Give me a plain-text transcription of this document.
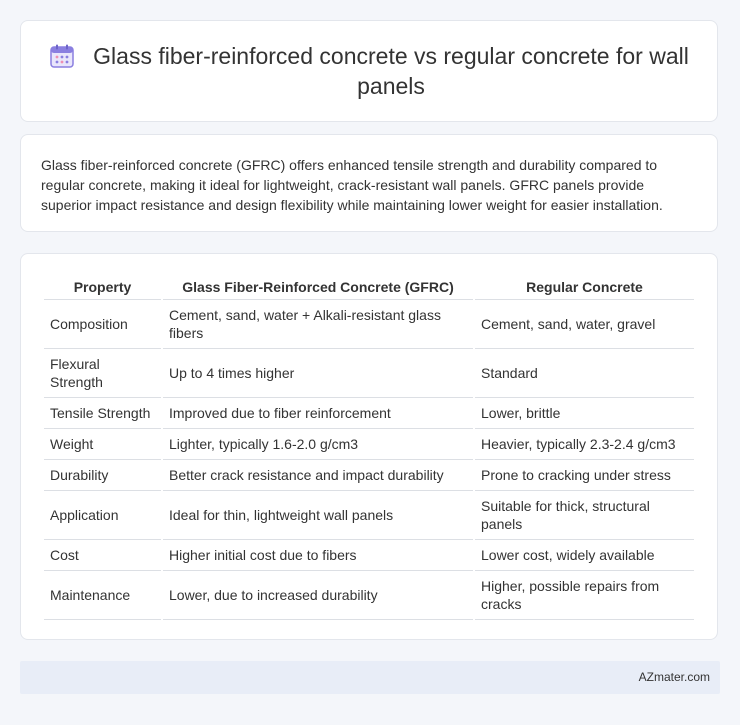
Glass fiber-reinforced concrete vs regular concrete for wall panels

Glass fiber-reinforced concrete (GFRC) offers enhanced tensile strength and durability compared to regular concrete, making it ideal for lightweight, crack-resistant wall panels. GFRC panels provide superior impact resistance and design flexibility while maintaining lower weight for easier installation.

Property	Glass Fiber-Reinforced Concrete (GFRC)	Regular Concrete
Composition	Cement, sand, water + Alkali-resistant glass fibers	Cement, sand, water, gravel
Flexural Strength	Up to 4 times higher	Standard
Tensile Strength	Improved due to fiber reinforcement	Lower, brittle
Weight	Lighter, typically 1.6-2.0 g/cm3	Heavier, typically 2.3-2.4 g/cm3
Durability	Better crack resistance and impact durability	Prone to cracking under stress
Application	Ideal for thin, lightweight wall panels	Suitable for thick, structural panels
Cost	Higher initial cost due to fibers	Lower cost, widely available
Maintenance	Lower, due to increased durability	Higher, possible repairs from cracks
AZmater.com
